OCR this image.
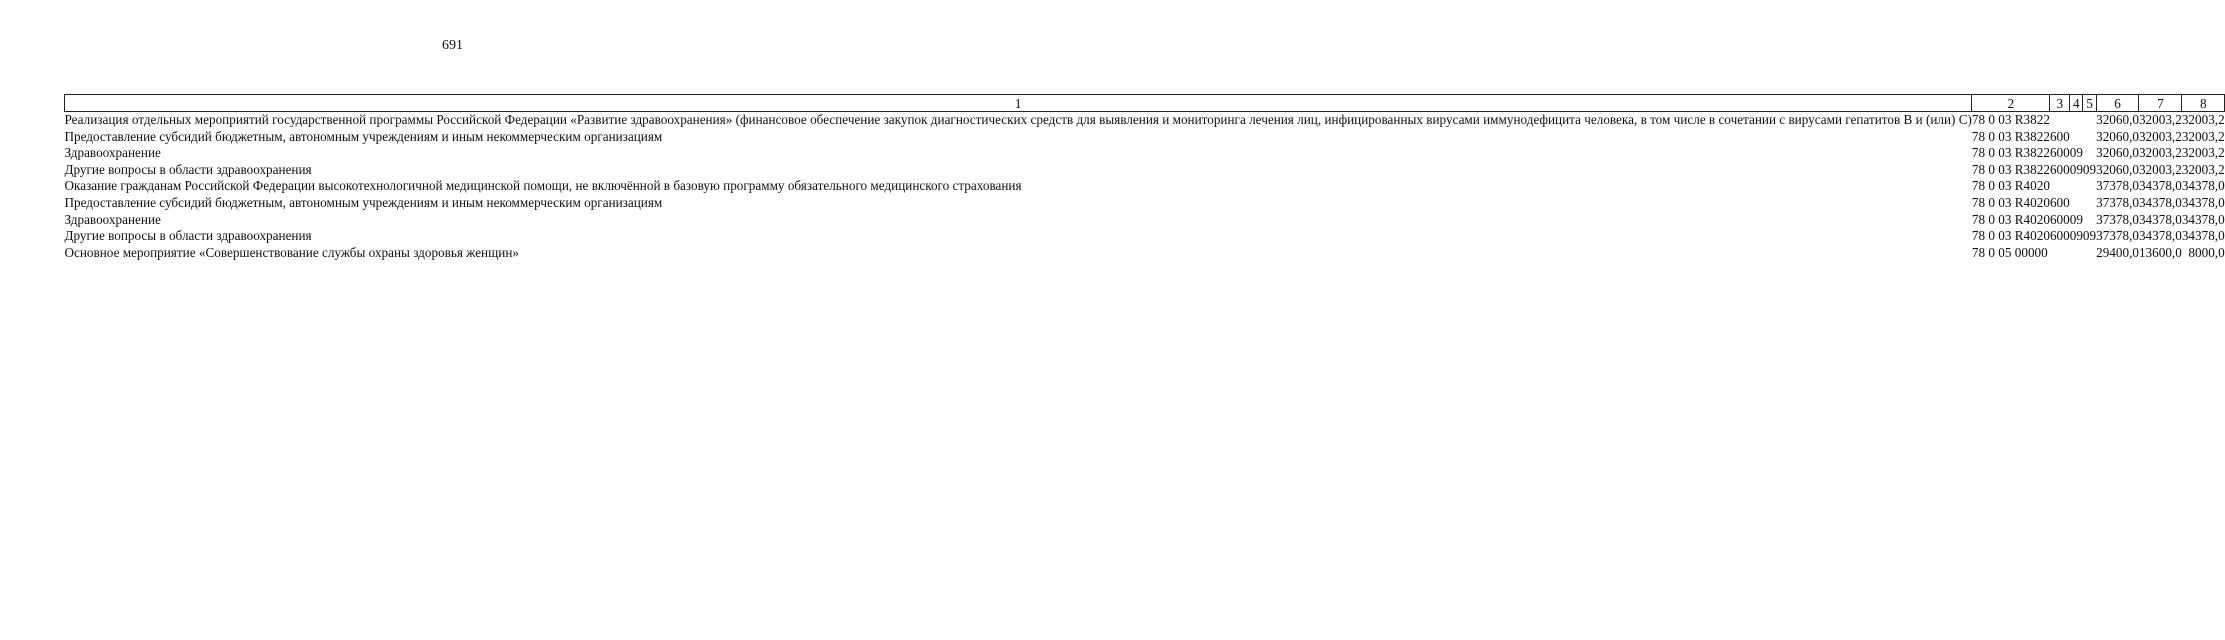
691
1	2	3	4	5	6	7	8
Реализация отдельных мероприятий государственной программы Российской Федерации «Развитие здравоохранения» (финансовое обеспечение закупок диагностических средств для выявления и мониторинга лечения лиц, инфицированных вирусами иммунодефицита человека, в том числе в сочетании с вирусами гепатитов В и (или) С)	78 0 03 R3822				32060,0	32003,2	32003,2
Предоставление субсидий бюджетным, автономным учреждениям и иным некоммерческим организациям	78 0 03 R3822	600			32060,0	32003,2	32003,2
Здравоохранение	78 0 03 R3822	600	09		32060,0	32003,2	32003,2
Другие вопросы в области здравоохранения	78 0 03 R3822	600	09	09	32060,0	32003,2	32003,2
Оказание гражданам Российской Федерации высокотехнологичной медицинской помощи, не включённой в базовую программу обязательного медицинского страхования	78 0 03 R4020				37378,0	34378,0	34378,0
Предоставление субсидий бюджетным, автономным учреждениям и иным некоммерческим организациям	78 0 03 R4020	600			37378,0	34378,0	34378,0
Здравоохранение	78 0 03 R4020	600	09		37378,0	34378,0	34378,0
Другие вопросы в области здравоохранения	78 0 03 R4020	600	09	09	37378,0	34378,0	34378,0
Основное мероприятие «Совершенствование службы охраны здоровья женщин»	78 0 05 00000				29400,0	13600,0	8000,0
